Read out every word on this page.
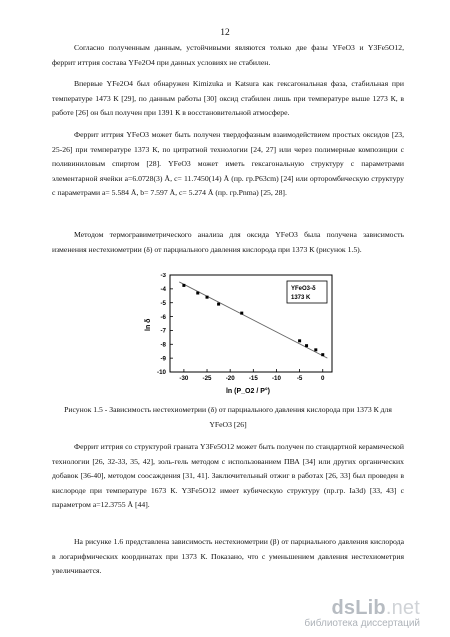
12
Согласно полученным данным, устойчивыми являются только две фазы YFeO3 и Y3Fe5O12, феррит иттрия состава YFe2O4 при данных условиях не стабилен.
Впервые YFe2O4 был обнаружен Kimizuka и Katsura как гексагональная фаза, стабильная при температуре 1473 К [29], по данным работы [30] оксид стабилен лишь при температуре выше 1273 К, в работе [26] он был получен при 1391 К в восстановительной атмосфере.
Феррит иттрия YFeO3 может быть получен твердофазным взаимодействием простых оксидов [23, 25-26] при температуре 1373 К, по цитратной технологии [24, 27] или через полимерные композиции с поливиниловым спиртом [28]. YFeO3 может иметь гексагональную структуру с параметрами элементарной ячейки a=6.0728(3) Å, c= 11.7450(14) Å (пр. гр.P63cm) [24] или орторомбическую структуру с параметрами a= 5.584 Å, b= 7.597 Å, c= 5.274 Å (пр. гр.Pnma) [25, 28].
Методом термогравиметрического анализа для оксида YFeO3 была получена зависимость изменения нестехиометрии (δ) от парциального давления кислорода при 1373 К (рисунок 1.5).
-3
-4
-5
-6
-7
-8
-9
-10
-30 -25 -20 -15 -10	-5	0
YFeO3-δ
1373 K
ln δ
ln (P_O2 / P°)
Рисунок 1.5 - Зависимость нестехиометрии (δ) от парциального давления кислорода при 1373 К для YFeO3 [26]
Феррит иттрия со структурой граната Y3Fe5O12 может быть получен по стандартной керамической технологии [26, 32-33, 35, 42], золь-гель методом с использованием ПВА [34] или других органических добавок [36-40], методом соосаждения [31, 41]. Заключительный отжиг в работах [26, 33] был проведен в кислороде при температуре 1673 К. Y3Fe5O12 имеет кубическую структуру (пр.гр. Ia3d) [33, 43] с параметром a=12.3755 Å [44].
На рисунке 1.6 представлена зависимость нестехиометрии (β) от парциального давления кислорода в логарифмических координатах при 1373 К. Показано, что с уменьшением давления нестехиометрия увеличивается.
dsLib.net
библиотека диссертаций
